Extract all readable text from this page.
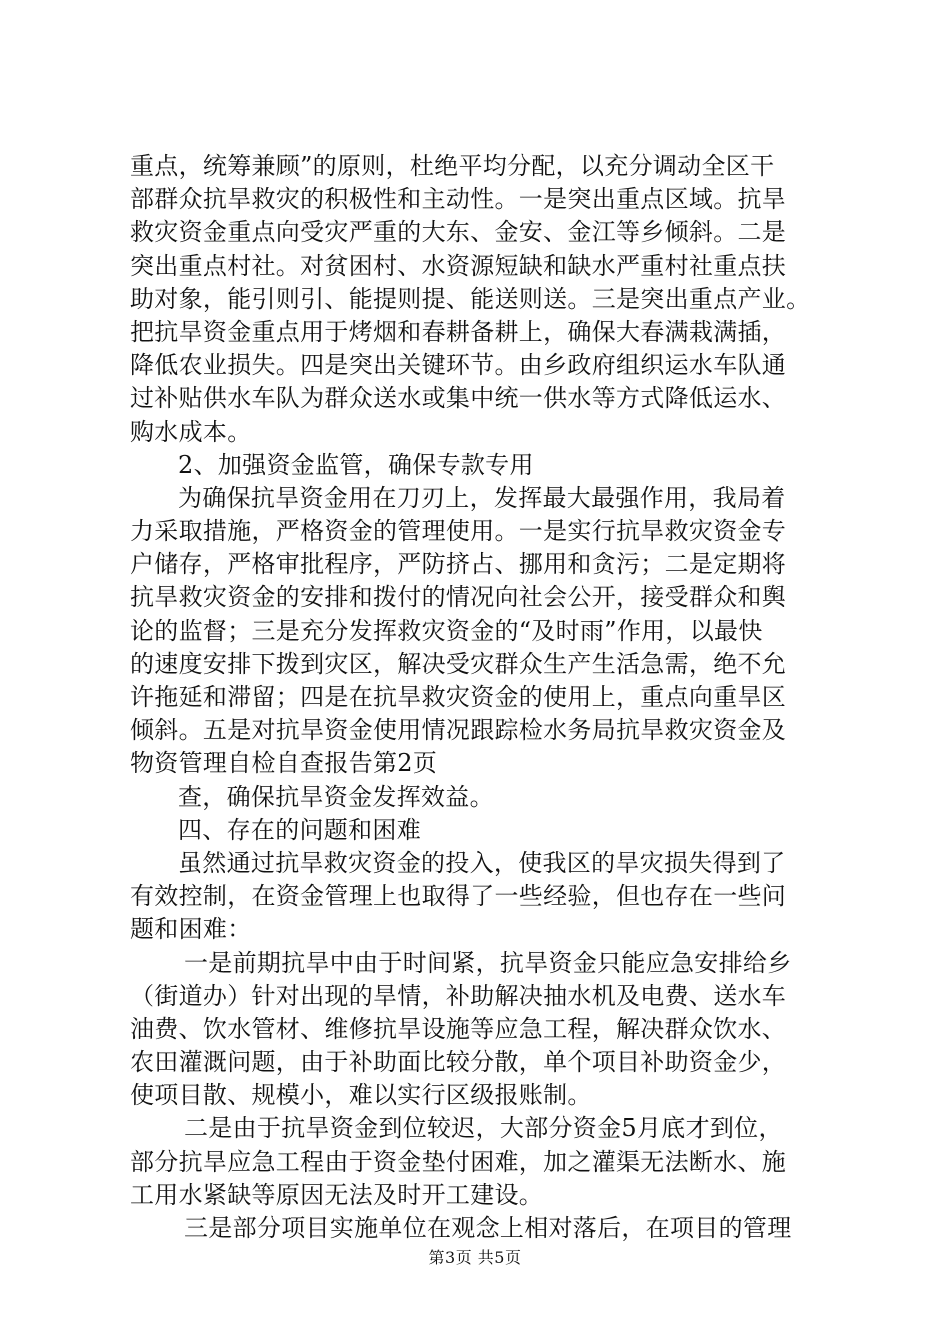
重点，统筹兼顾”的原则，杜绝平均分配，以充分调动全区干
部群众抗旱救灾的积极性和主动性。一是突出重点区域。抗旱
救灾资金重点向受灾严重的大东、金安、金江等乡倾斜。二是
突出重点村社。对贫困村、水资源短缺和缺水严重村社重点扶
助对象，能引则引、能提则提、能送则送。三是突出重点产业。
把抗旱资金重点用于烤烟和春耕备耕上，确保大春满栽满插，
降低农业损失。四是突出关键环节。由乡政府组织运水车队通
过补贴供水车队为群众送水或集中统一供水等方式降低运水、
购水成本。
2、加强资金监管，确保专款专用
为确保抗旱资金用在刀刃上，发挥最大最强作用，我局着
力采取措施，严格资金的管理使用。一是实行抗旱救灾资金专
户储存，严格审批程序，严防挤占、挪用和贪污；二是定期将
抗旱救灾资金的安排和拨付的情况向社会公开，接受群众和舆
论的监督；三是充分发挥救灾资金的“及时雨”作用，以最快
的速度安排下拨到灾区，解决受灾群众生产生活急需，绝不允
许拖延和滞留；四是在抗旱救灾资金的使用上，重点向重旱区
倾斜。五是对抗旱资金使用情况跟踪检水务局抗旱救灾资金及
物资管理自检自查报告第2页
查，确保抗旱资金发挥效益。
四、存在的问题和困难
虽然通过抗旱救灾资金的投入，使我区的旱灾损失得到了
有效控制，在资金管理上也取得了一些经验，但也存在一些问
题和困难：
一是前期抗旱中由于时间紧，抗旱资金只能应急安排给乡
（街道办）针对出现的旱情，补助解决抽水机及电费、送水车
油费、饮水管材、维修抗旱设施等应急工程，解决群众饮水、
农田灌溉问题，由于补助面比较分散，单个项目补助资金少，
使项目散、规模小，难以实行区级报账制。
二是由于抗旱资金到位较迟，大部分资金5月底才到位，
部分抗旱应急工程由于资金垫付困难，加之灌渠无法断水、施
工用水紧缺等原因无法及时开工建设。
三是部分项目实施单位在观念上相对落后，在项目的管理
第3页 共5页
